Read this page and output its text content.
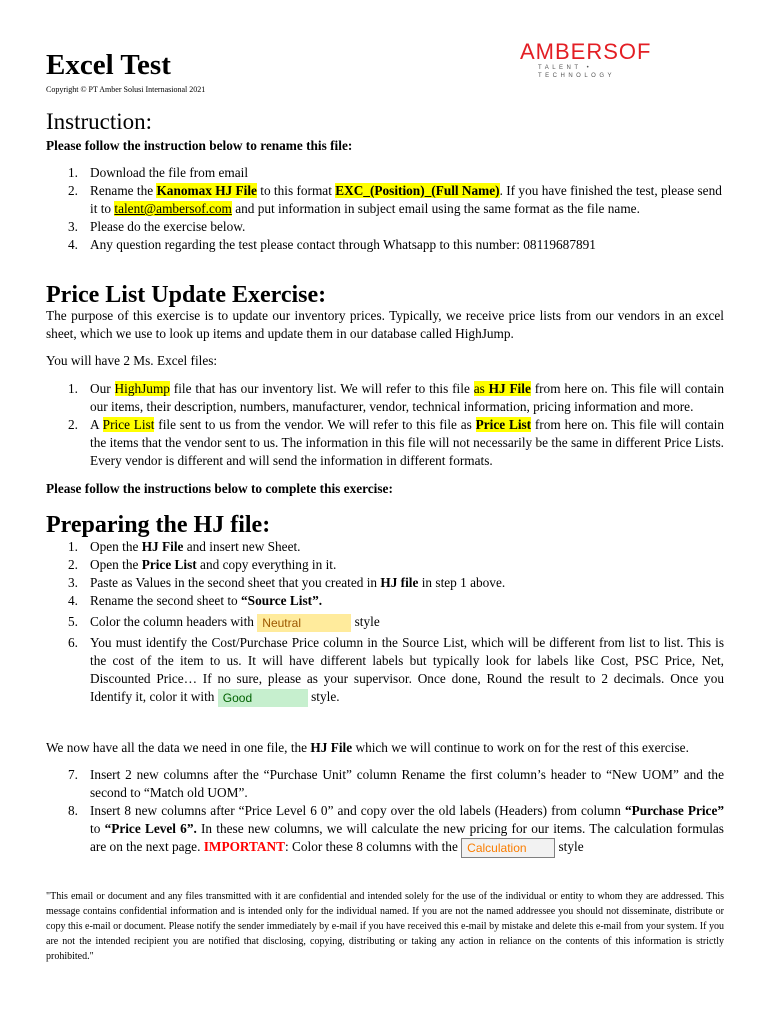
Excel Test
Copyright © PT Amber Solusi Internasional 2021
AMBERSOF
TALENT • TECHNOLOGY
Instruction:
Please follow the instruction below to rename this file:
1. Download the file from email
2. Rename the Kanomax HJ File to this format EXC_(Position)_(Full Name). If you have finished the test, please send it to talent@ambersof.com and put information in subject email using the same format as the file name.
3. Please do the exercise below.
4. Any question regarding the test please contact through Whatsapp to this number: 08119687891
Price List Update Exercise:
The purpose of this exercise is to update our inventory prices. Typically, we receive price lists from our vendors in an excel sheet, which we use to look up items and update them in our database called HighJump.
You will have 2 Ms. Excel files:
1. Our HighJump file that has our inventory list. We will refer to this file as HJ File from here on. This file will contain our items, their description, numbers, manufacturer, vendor, technical information, pricing information and more.
2. A Price List file sent to us from the vendor. We will refer to this file as Price List from here on. This file will contain the items that the vendor sent to us. The information in this file will not necessarily be the same in different Price Lists. Every vendor is different and will send the information in different formats.
Please follow the instructions below to complete this exercise:
Preparing the HJ file:
1. Open the HJ File and insert new Sheet.
2. Open the Price List and copy everything in it.
3. Paste as Values in the second sheet that you created in HJ file in step 1 above.
4. Rename the second sheet to “Source List”.
5. Color the column headers with Neutral	style
6. You must identify the Cost/Purchase Price column in the Source List, which will be different from list to list. This is the cost of the item to us. It will have different labels but typically look for labels like Cost, PSC Price, Net, Discounted Price… If no sure, please as your supervisor. Once done, Round the result to 2 decimals. Once you Identify it, color it with Good	style.
We now have all the data we need in one file, the HJ File which we will continue to work on for the rest of this exercise.
7. Insert 2 new columns after the “Purchase Unit” column Rename the first column’s header to “New UOM” and the second to “Match old UOM”.
8. Insert 8 new columns after “Price Level 6 0” and copy over the old labels (Headers) from column “Purchase Price” to “Price Level 6”. In these new columns, we will calculate the new pricing for our items. The calculation formulas are on the next page. IMPORTANT: Color these 8 columns with the Calculation style
"This email or document and any files transmitted with it are confidential and intended solely for the use of the individual or entity to whom they are addressed. This message contains confidential information and is intended only for the individual named. If you are not the named addressee you should not disseminate, distribute or copy this e-mail or document. Please notify the sender immediately by e-mail if you have received this e-mail by mistake and delete this e-mail from your system. If you are not the intended recipient you are notified that disclosing, copying, distributing or taking any action in reliance on the contents of this information is strictly prohibited."
